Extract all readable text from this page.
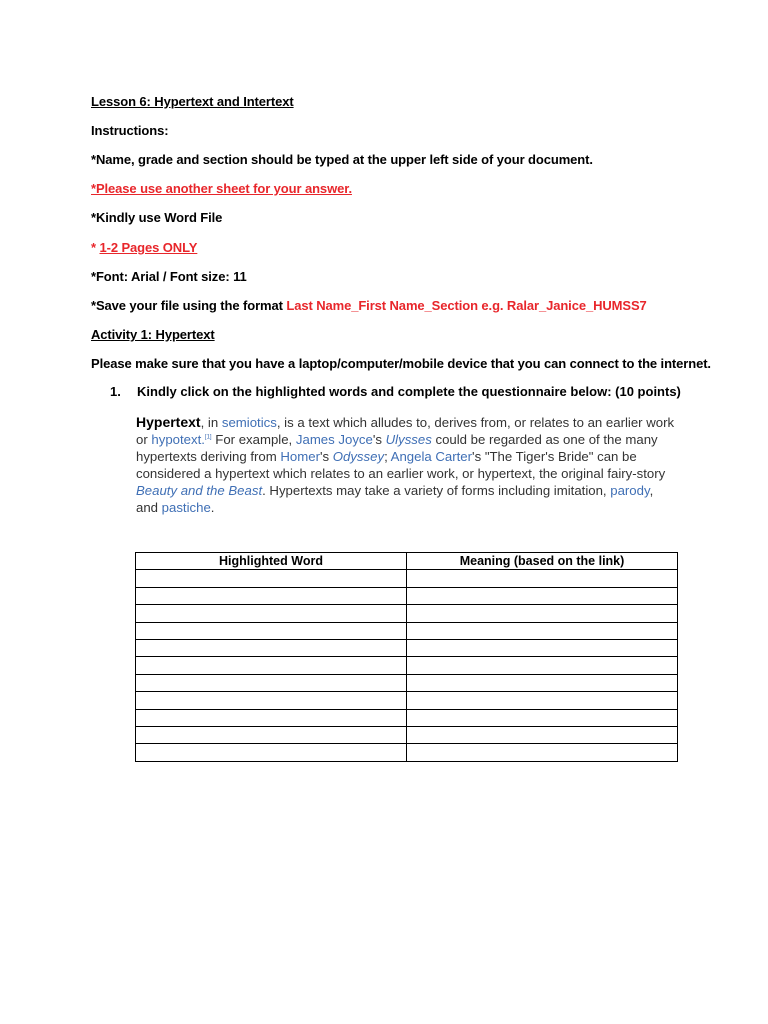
Lesson 6: Hypertext and Intertext
Instructions:
*Name, grade and section should be typed at the upper left side of your document.
*Please use another sheet for your answer.
*Kindly use Word File
* 1-2 Pages ONLY
*Font: Arial / Font size: 11
*Save your file using the format Last Name_First Name_Section e.g. Ralar_Janice_HUMSS7
Activity 1: Hypertext
Please make sure that you have a laptop/computer/mobile device that you can connect to the internet.
1. Kindly click on the highlighted words and complete the questionnaire below: (10 points)
Hypertext, in semiotics, is a text which alludes to, derives from, or relates to an earlier work or hypotext.[1] For example, James Joyce's Ulysses could be regarded as one of the many hypertexts deriving from Homer's Odyssey; Angela Carter's "The Tiger's Bride" can be considered a hypertext which relates to an earlier work, or hypertext, the original fairy-story Beauty and the Beast. Hypertexts may take a variety of forms including imitation, parody, and pastiche.
Highlighted Word	Meaning (based on the link)
